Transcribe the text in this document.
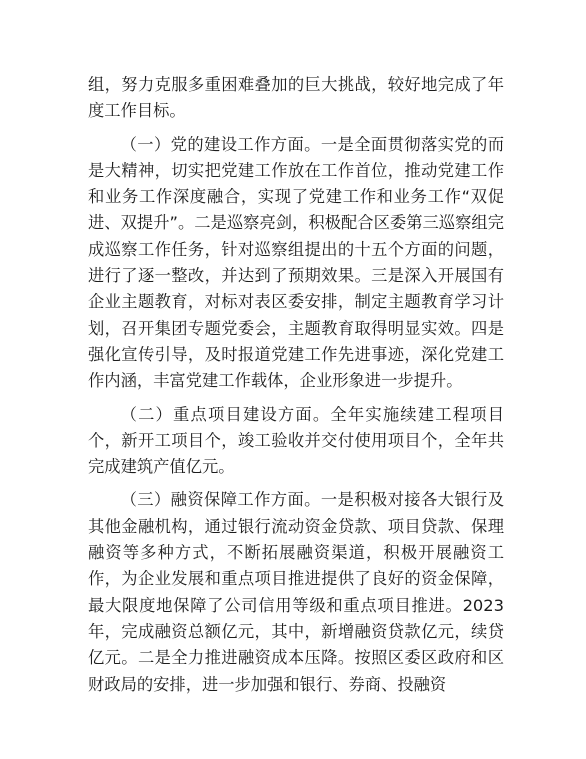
组，努力克服多重困难叠加的巨大挑战，较好地完成了年度工作目标。

（一）党的建设工作方面。一是全面贯彻落实党的而是大精神，切实把党建工作放在工作首位，推动党建工作和业务工作深度融合，实现了党建工作和业务工作“双促进、双提升”。二是巡察亮剑，积极配合区委第三巡察组完成巡察工作任务，针对巡察组提出的十五个方面的问题，进行了逐一整改，并达到了预期效果。三是深入开展国有企业主题教育，对标对表区委安排，制定主题教育学习计划，召开集团专题党委会，主题教育取得明显实效。四是强化宣传引导，及时报道党建工作先进事迹，深化党建工作内涵，丰富党建工作载体，企业形象进一步提升。

（二）重点项目建设方面。全年实施续建工程项目个，新开工项目个，竣工验收并交付使用项目个，全年共完成建筑产值亿元。

（三）融资保障工作方面。一是积极对接各大银行及其他金融机构，通过银行流动资金贷款、项目贷款、保理融资等多种方式，不断拓展融资渠道，积极开展融资工作，为企业发展和重点项目推进提供了良好的资金保障，最大限度地保障了公司信用等级和重点项目推进。2023 年，完成融资总额亿元，其中，新增融资贷款亿元，续贷亿元。二是全力推进融资成本压降。按照区委区政府和区财政局的安排，进一步加强和银行、券商、投融资
